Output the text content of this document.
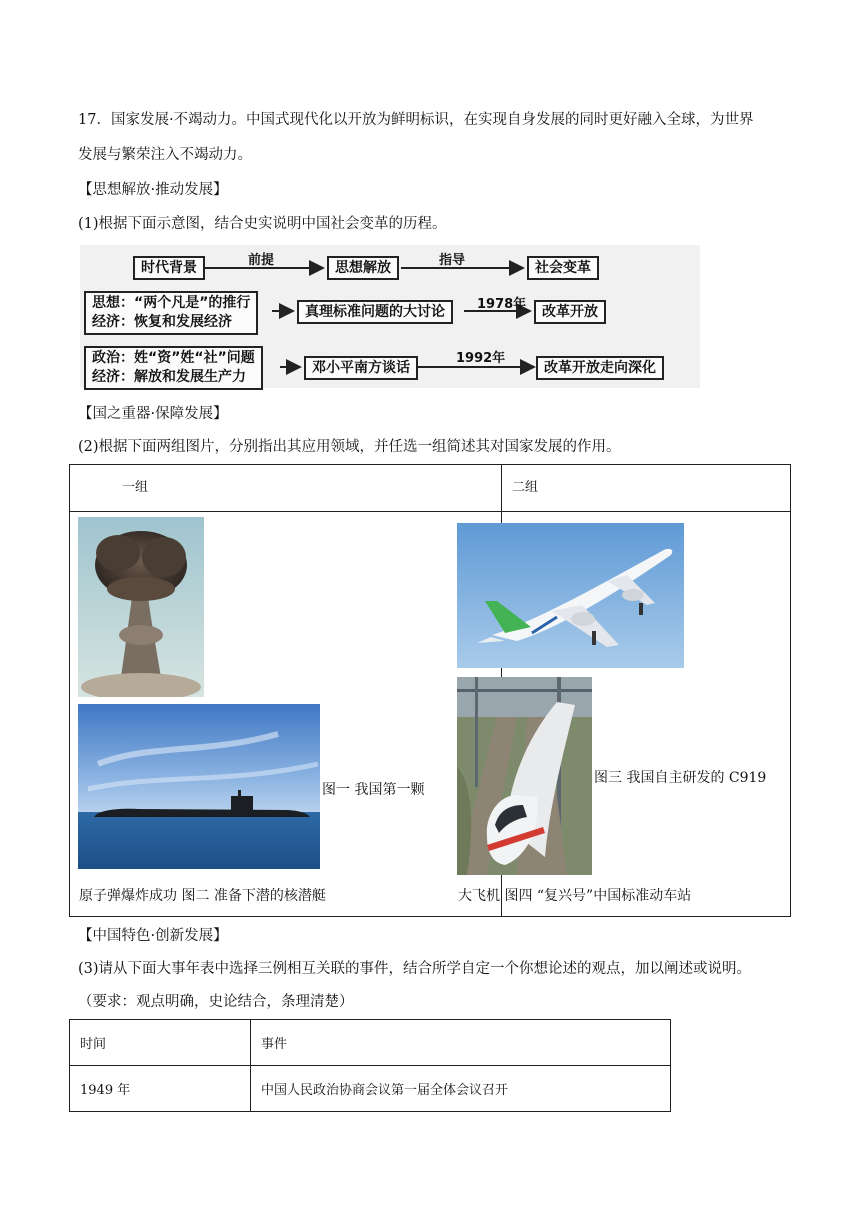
17．国家发展·不竭动力。中国式现代化以开放为鲜明标识，在实现自身发展的同时更好融入全球，为世界
发展与繁荣注入不竭动力。
【思想解放·推动发展】
(1)根据下面示意图，结合史实说明中国社会变革的历程。
时代背景	前提	思想解放	指导	社会变革
思想：“两个凡是”的推行
经济：恢复和发展经济
真理标准问题的大讨论	1978年	改革开放
政治：姓“资”姓“社”问题
经济：解放和发展生产力
邓小平南方谈话
1992年
改革开放走向深化
【国之重器·保障发展】
(2)根据下面两组图片，分别指出其应用领域，并任选一组简述其对国家发展的作用。
一组	二组

图一 我国第一颗
原子弹爆炸成功 图二 准备下潜的核潜艇
图三 我国自主研发的 C919
大飞机 图四 “复兴号”中国标准动车站
【中国特色·创新发展】
(3)请从下面大事年表中选择三例相互关联的事件，结合所学自定一个你想论述的观点，加以阐述或说明。
（要求：观点明确，史论结合，条理清楚）
时间	事件
1949 年	中国人民政治协商会议第一届全体会议召开
